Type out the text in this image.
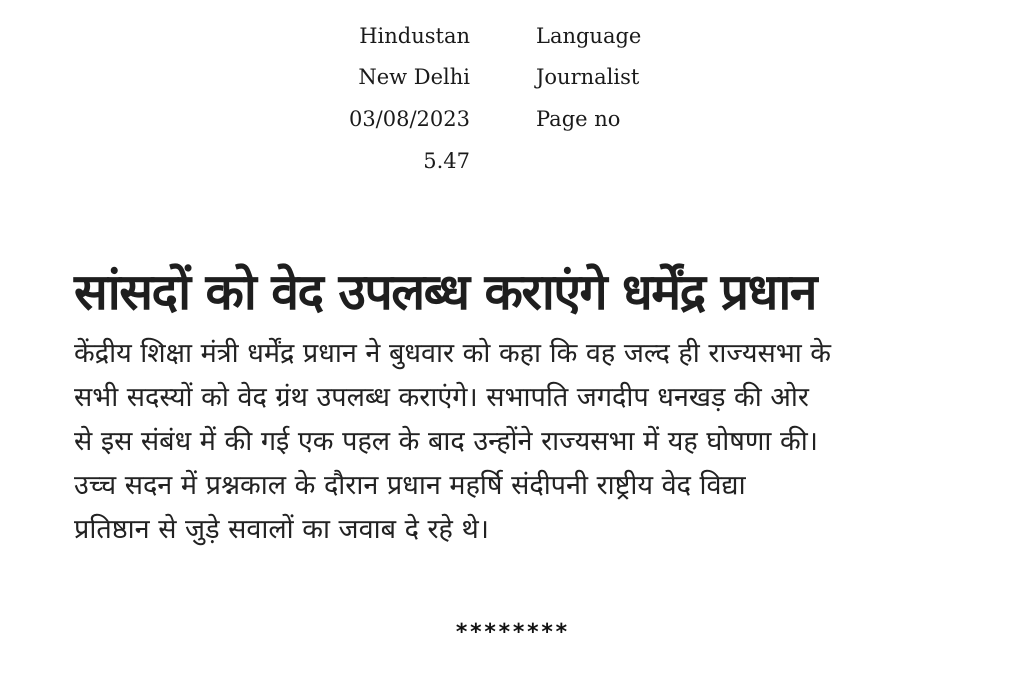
Hindustan
New Delhi
03/08/2023
5.47
Language
Journalist
Page no
सांसदों को वेद उपलब्ध कराएंगे धर्मेंद्र प्रधान
केंद्रीय शिक्षा मंत्री धर्मेंद्र प्रधान ने बुधवार को कहा कि वह जल्द ही राज्यसभा के
सभी सदस्यों को वेद ग्रंथ उपलब्ध कराएंगे। सभापति जगदीप धनखड़ की ओर
से इस संबंध में की गई एक पहल के बाद उन्होंने राज्यसभा में यह घोषणा की।
उच्च सदन में प्रश्नकाल के दौरान प्रधान महर्षि संदीपनी राष्ट्रीय वेद विद्या
प्रतिष्ठान से जुड़े सवालों का जवाब दे रहे थे।
********
